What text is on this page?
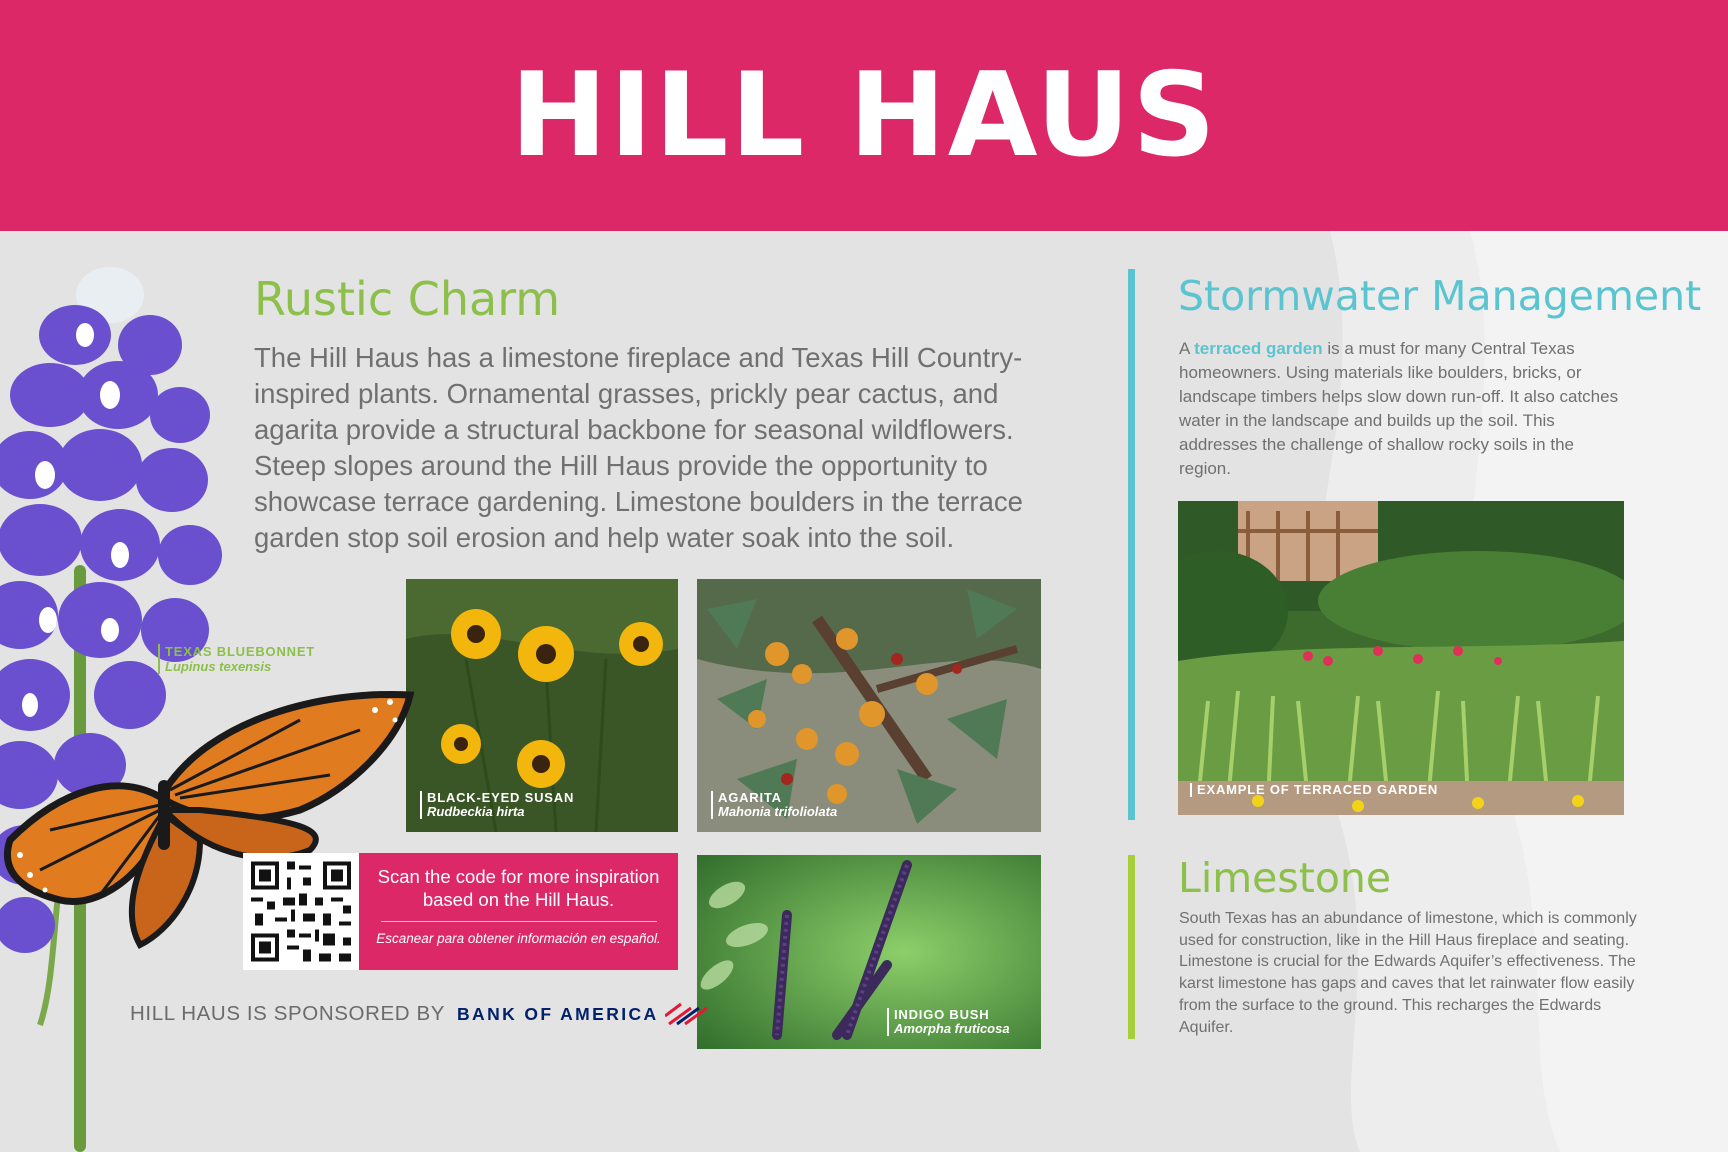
HILL HAUS
TEXAS BLUEBONNET
Lupinus texensis
Rustic Charm

The Hill Haus has a limestone fireplace and Texas Hill Country-inspired plants. Ornamental grasses, prickly pear cactus, and agarita provide a structural backbone for seasonal wildflowers. Steep slopes around the Hill Haus provide the opportunity to showcase terrace gardening. Limestone boulders in the terrace garden stop soil erosion and help water soak into the soil.

BLACK-EYED SUSAN
Rudbeckia hirta
AGARITA
Mahonia trifoliolata
INDIGO BUSH
Amorpha fruticosa
Scan the code for more inspiration based on the Hill Haus.
Escanear para obtener información en español.
HILL HAUS IS SPONSORED BY BANK OF AMERICA
Stormwater Management

A terraced garden is a must for many Central Texas homeowners. Using materials like boulders, bricks, or landscape timbers helps slow down run-off. It also catches water in the landscape and builds up the soil. This addresses the challenge of shallow rocky soils in the region.

EXAMPLE OF TERRACED GARDEN
Limestone

South Texas has an abundance of limestone, which is commonly used for construction, like in the Hill Haus fireplace and seating. Limestone is crucial for the Edwards Aquifer’s effectiveness. The karst limestone has gaps and caves that let rainwater flow easily from the surface to the ground. This recharges the Edwards Aquifer.
